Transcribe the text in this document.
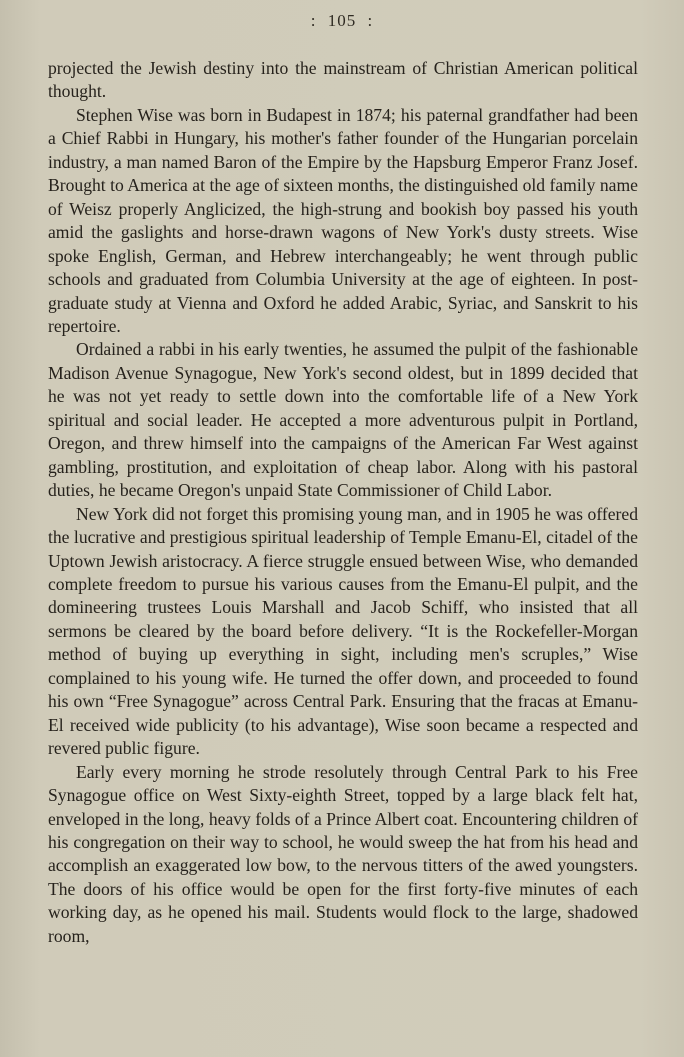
: 105 :

projected the Jewish destiny into the mainstream of Christian American political thought.

Stephen Wise was born in Budapest in 1874; his paternal grandfather had been a Chief Rabbi in Hungary, his mother's father founder of the Hungarian porcelain industry, a man named Baron of the Empire by the Hapsburg Emperor Franz Josef. Brought to America at the age of sixteen months, the distinguished old family name of Weisz properly Anglicized, the high-strung and bookish boy passed his youth amid the gaslights and horse-drawn wagons of New York's dusty streets. Wise spoke English, German, and Hebrew interchangeably; he went through public schools and graduated from Columbia University at the age of eighteen. In post-graduate study at Vienna and Oxford he added Arabic, Syriac, and Sanskrit to his repertoire.

Ordained a rabbi in his early twenties, he assumed the pulpit of the fashionable Madison Avenue Synagogue, New York's second oldest, but in 1899 decided that he was not yet ready to settle down into the comfortable life of a New York spiritual and social leader. He accepted a more adventurous pulpit in Portland, Oregon, and threw himself into the campaigns of the American Far West against gambling, prostitution, and exploitation of cheap labor. Along with his pastoral duties, he became Oregon's unpaid State Commissioner of Child Labor.

New York did not forget this promising young man, and in 1905 he was offered the lucrative and prestigious spiritual leadership of Temple Emanu-El, citadel of the Uptown Jewish aristocracy. A fierce struggle ensued between Wise, who demanded complete freedom to pursue his various causes from the Emanu-El pulpit, and the domineering trustees Louis Marshall and Jacob Schiff, who insisted that all sermons be cleared by the board before delivery. “It is the Rockefeller-Morgan method of buying up everything in sight, including men's scruples,” Wise complained to his young wife. He turned the offer down, and proceeded to found his own “Free Synagogue” across Central Park. Ensuring that the fracas at Emanu-El received wide publicity (to his advantage), Wise soon became a respected and revered public figure.

Early every morning he strode resolutely through Central Park to his Free Synagogue office on West Sixty-eighth Street, topped by a large black felt hat, enveloped in the long, heavy folds of a Prince Albert coat. Encountering children of his congregation on their way to school, he would sweep the hat from his head and accomplish an exaggerated low bow, to the nervous titters of the awed youngsters. The doors of his office would be open for the first forty-five minutes of each working day, as he opened his mail. Students would flock to the large, shadowed room,
